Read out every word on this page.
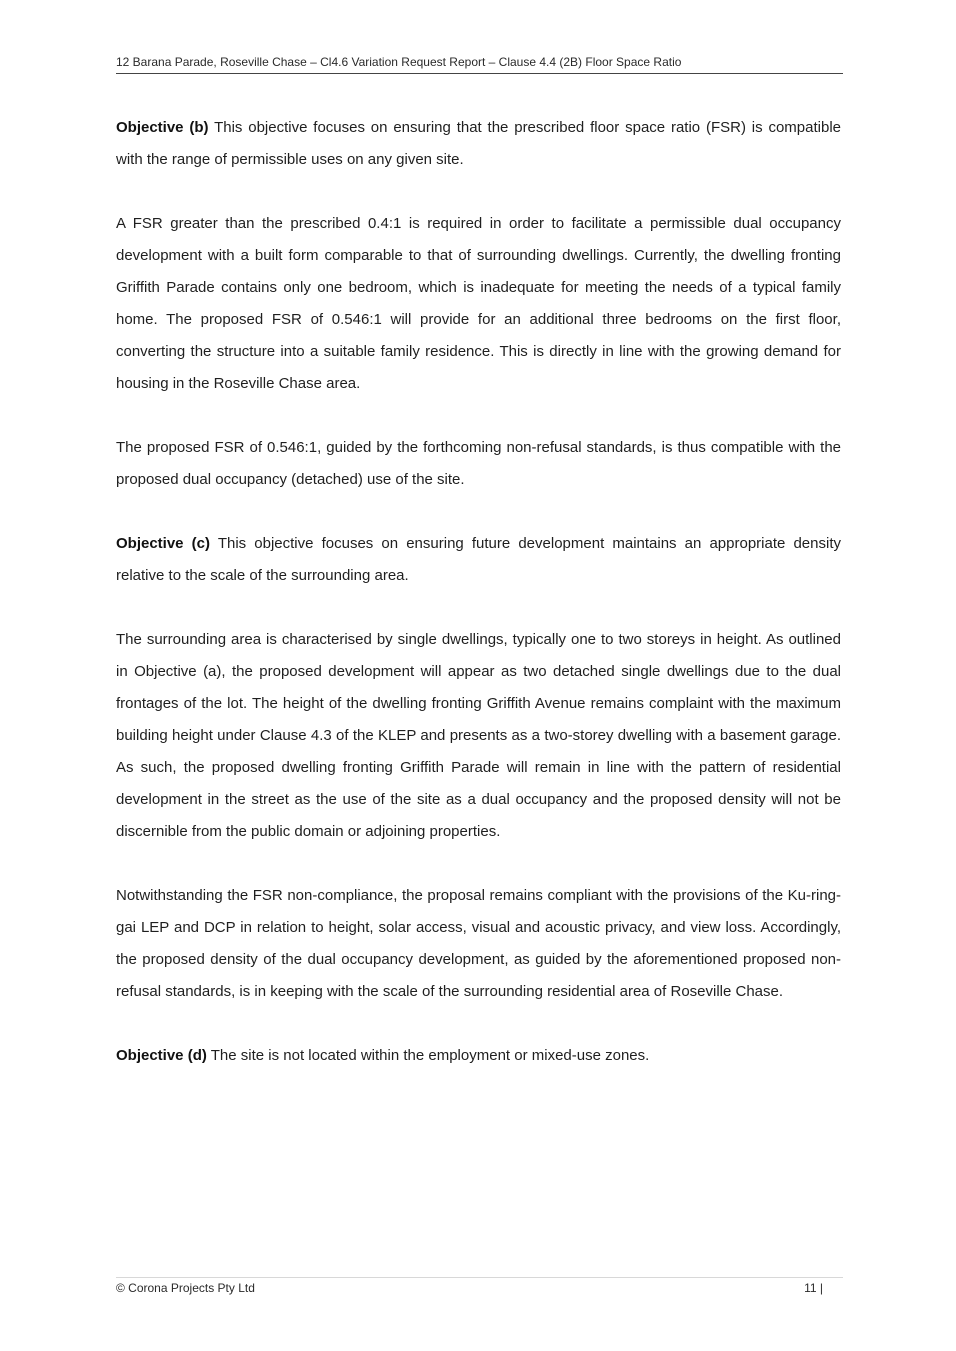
12 Barana Parade, Roseville Chase – Cl4.6 Variation Request Report – Clause 4.4 (2B) Floor Space Ratio

Objective (b) This objective focuses on ensuring that the prescribed floor space ratio (FSR) is compatible with the range of permissible uses on any given site.

A FSR greater than the prescribed 0.4:1 is required in order to facilitate a permissible dual occupancy development with a built form comparable to that of surrounding dwellings. Currently, the dwelling fronting Griffith Parade contains only one bedroom, which is inadequate for meeting the needs of a typical family home. The proposed FSR of 0.546:1 will provide for an additional three bedrooms on the first floor, converting the structure into a suitable family residence. This is directly in line with the growing demand for housing in the Roseville Chase area.

The proposed FSR of 0.546:1, guided by the forthcoming non-refusal standards, is thus compatible with the proposed dual occupancy (detached) use of the site.

Objective (c) This objective focuses on ensuring future development maintains an appropriate density relative to the scale of the surrounding area.

The surrounding area is characterised by single dwellings, typically one to two storeys in height. As outlined in Objective (a), the proposed development will appear as two detached single dwellings due to the dual frontages of the lot. The height of the dwelling fronting Griffith Avenue remains complaint with the maximum building height under Clause 4.3 of the KLEP and presents as a two-storey dwelling with a basement garage. As such, the proposed dwelling fronting Griffith Parade will remain in line with the pattern of residential development in the street as the use of the site as a dual occupancy and the proposed density will not be discernible from the public domain or adjoining properties.

Notwithstanding the FSR non-compliance, the proposal remains compliant with the provisions of the Ku-ring-gai LEP and DCP in relation to height, solar access, visual and acoustic privacy, and view loss. Accordingly, the proposed density of the dual occupancy development, as guided by the aforementioned proposed non-refusal standards, is in keeping with the scale of the surrounding residential area of Roseville Chase.

Objective (d) The site is not located within the employment or mixed-use zones.

© Corona Projects Pty Ltd	11 |
